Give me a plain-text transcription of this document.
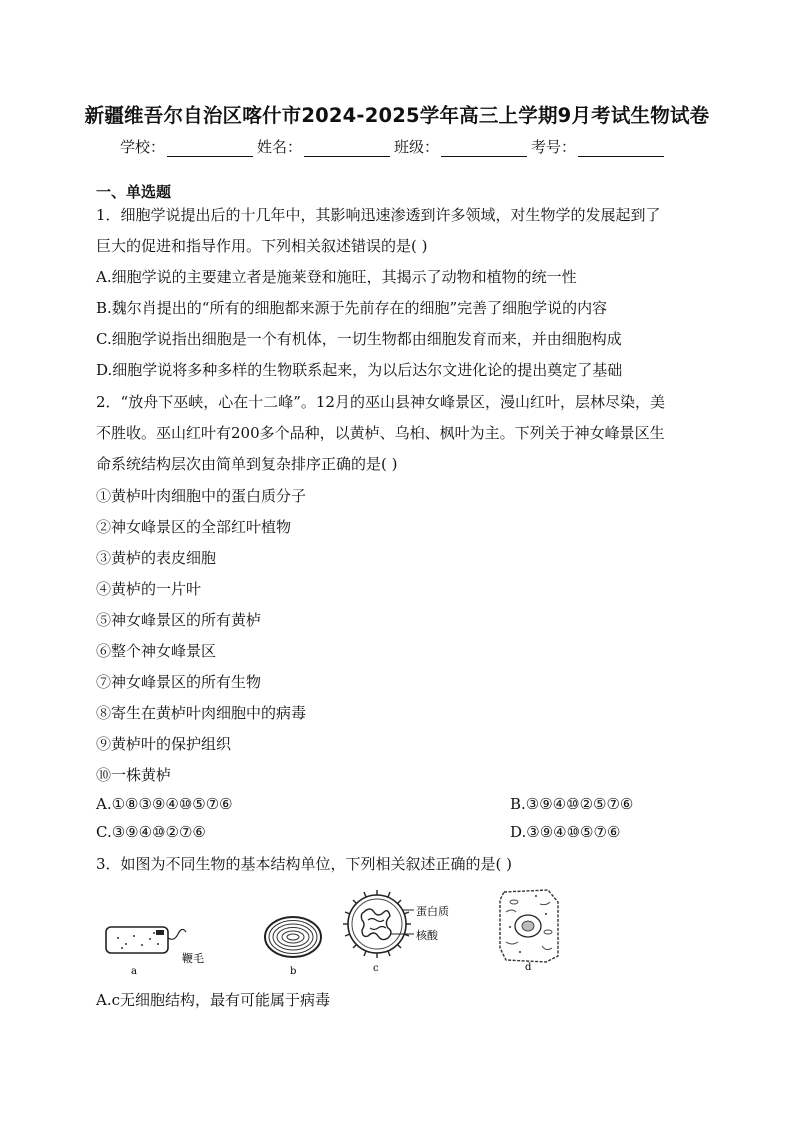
新疆维吾尔自治区喀什市2024-2025学年高三上学期9月考试生物试卷
学校：	姓名：	班级：	考号：
一、单选题
1．细胞学说提出后的十几年中，其影响迅速渗透到许多领域，对生物学的发展起到了
巨大的促进和指导作用。下列相关叙述错误的是( )
A.细胞学说的主要建立者是施莱登和施旺，其揭示了动物和植物的统一性
B.魏尔肖提出的“所有的细胞都来源于先前存在的细胞”完善了细胞学说的内容
C.细胞学说指出细胞是一个有机体，一切生物都由细胞发育而来，并由细胞构成
D.细胞学说将多种多样的生物联系起来，为以后达尔文进化论的提出奠定了基础
2．“放舟下巫峡，心在十二峰”。12月的巫山县神女峰景区，漫山红叶，层林尽染，美
不胜收。巫山红叶有200多个品种，以黄栌、乌桕、枫叶为主。下列关于神女峰景区生
命系统结构层次由简单到复杂排序正确的是( )
①黄栌叶肉细胞中的蛋白质分子
②神女峰景区的全部红叶植物
③黄栌的表皮细胞
④黄栌的一片叶
⑤神女峰景区的所有黄栌
⑥整个神女峰景区
⑦神女峰景区的所有生物
⑧寄生在黄栌叶肉细胞中的病毒
⑨黄栌叶的保护组织
⑩一株黄栌
A.①⑧③⑨④⑩⑤⑦⑥	B.③⑨④⑩②⑤⑦⑥
C.③⑨④⑩②⑦⑥	D.③⑨④⑩⑤⑦⑥
3．如图为不同生物的基本结构单位，下列相关叙述正确的是( )
a
鞭毛
b
蛋白质
核酸
c	d
A.c无细胞结构，最有可能属于病毒
